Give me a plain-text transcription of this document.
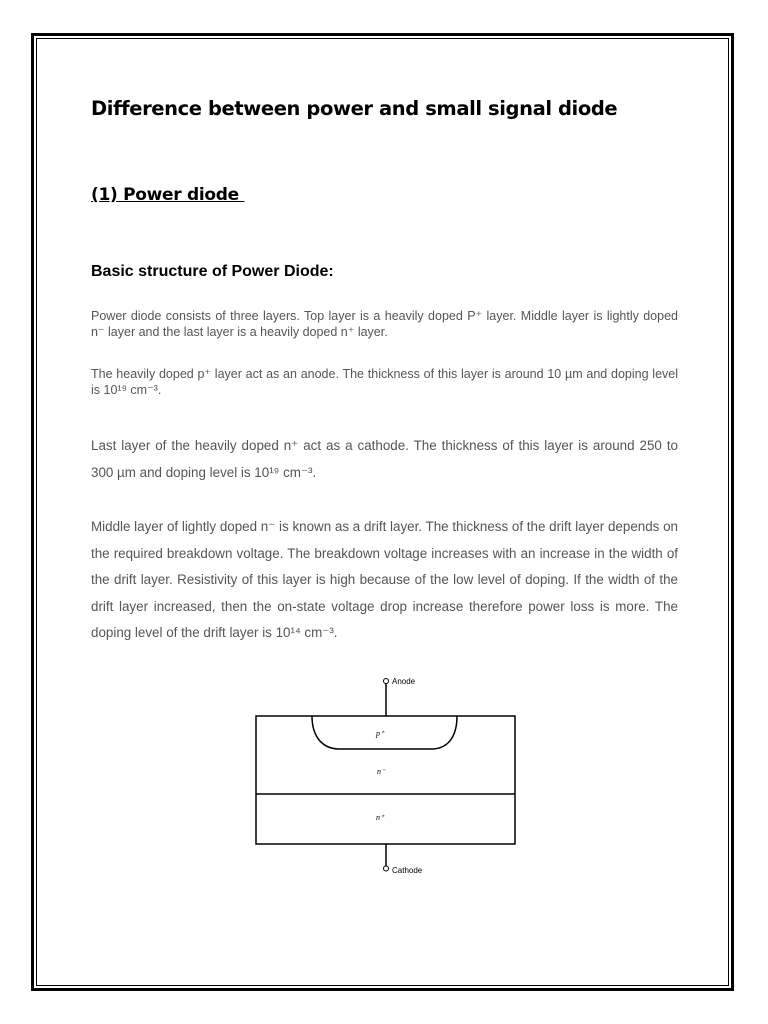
Difference between power and small signal diode
(1) Power diode
Basic structure of Power Diode:

Power diode consists of three layers. Top layer is a heavily doped P⁺ layer. Middle layer is lightly doped n⁻ layer and the last layer is a heavily doped n⁺ layer.

The heavily doped p⁺ layer act as an anode. The thickness of this layer is around 10 µm and doping level is 10¹⁹ cm⁻³.

Last layer of the heavily doped n⁺ act as a cathode. The thickness of this layer is around 250 to 300 µm and doping level is 10¹⁹ cm⁻³.

Middle layer of lightly doped n⁻ is known as a drift layer. The thickness of the drift layer depends on the required breakdown voltage. The breakdown voltage increases with an increase in the width of the drift layer. Resistivity of this layer is high because of the low level of doping. If the width of the drift layer increased, then the on-state voltage drop increase therefore power loss is more. The doping level of the drift layer is 10¹⁴ cm⁻³.

Anode
p⁺
n⁻
n⁺
Cathode
